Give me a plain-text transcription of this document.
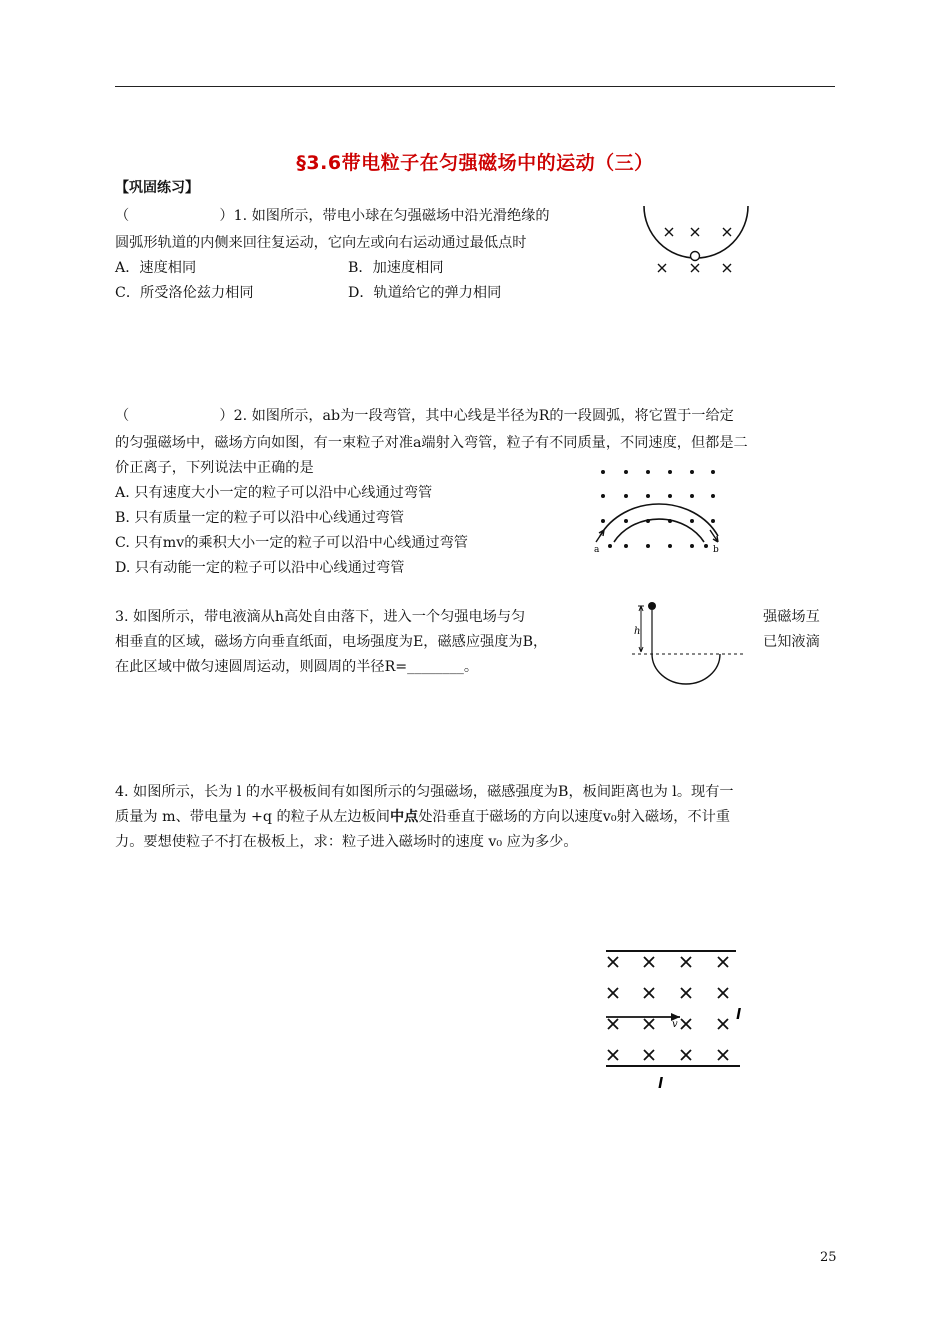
§3.6带电粒子在匀强磁场中的运动（三）
【巩固练习】
（                    ）1. 如图所示，带电小球在匀强磁场中沿光滑绝缘的
圆弧形轨道的内侧来回往复运动，它向左或向右运动通过最低点时
A．速度相同	B．加速度相同
C．所受洛伦兹力相同	D．轨道给它的弹力相同
（                    ）2. 如图所示，ab为一段弯管，其中心线是半径为R的一段圆弧，将它置于一给定
的匀强磁场中，磁场方向如图，有一束粒子对准a端射入弯管，粒子有不同质量，不同速度，但都是二
价正离子，下列说法中正确的是
A. 只有速度大小一定的粒子可以沿中心线通过弯管
B. 只有质量一定的粒子可以沿中心线通过弯管
C. 只有mv的乘积大小一定的粒子可以沿中心线通过弯管
D. 只有动能一定的粒子可以沿中心线通过弯管
a	b
3. 如图所示，带电液滴从h高处自由落下，进入一个匀强电场与匀	强磁场互
相垂直的区域，磁场方向垂直纸面，电场强度为E，磁感应强度为B，	已知液滴
在此区域中做匀速圆周运动，则圆周的半径R=________。
h
4. 如图所示，长为 l 的水平极板间有如图所示的匀强磁场，磁感强度为B，板间距离也为 l。现有一
质量为 m、带电量为 +q 的粒子从左边板间中点处沿垂直于磁场的方向以速度v₀射入磁场，不计重
力。要想使粒子不打在极板上，求：粒子进入磁场时的速度 v₀ 应为多少。
v
l
l
25
